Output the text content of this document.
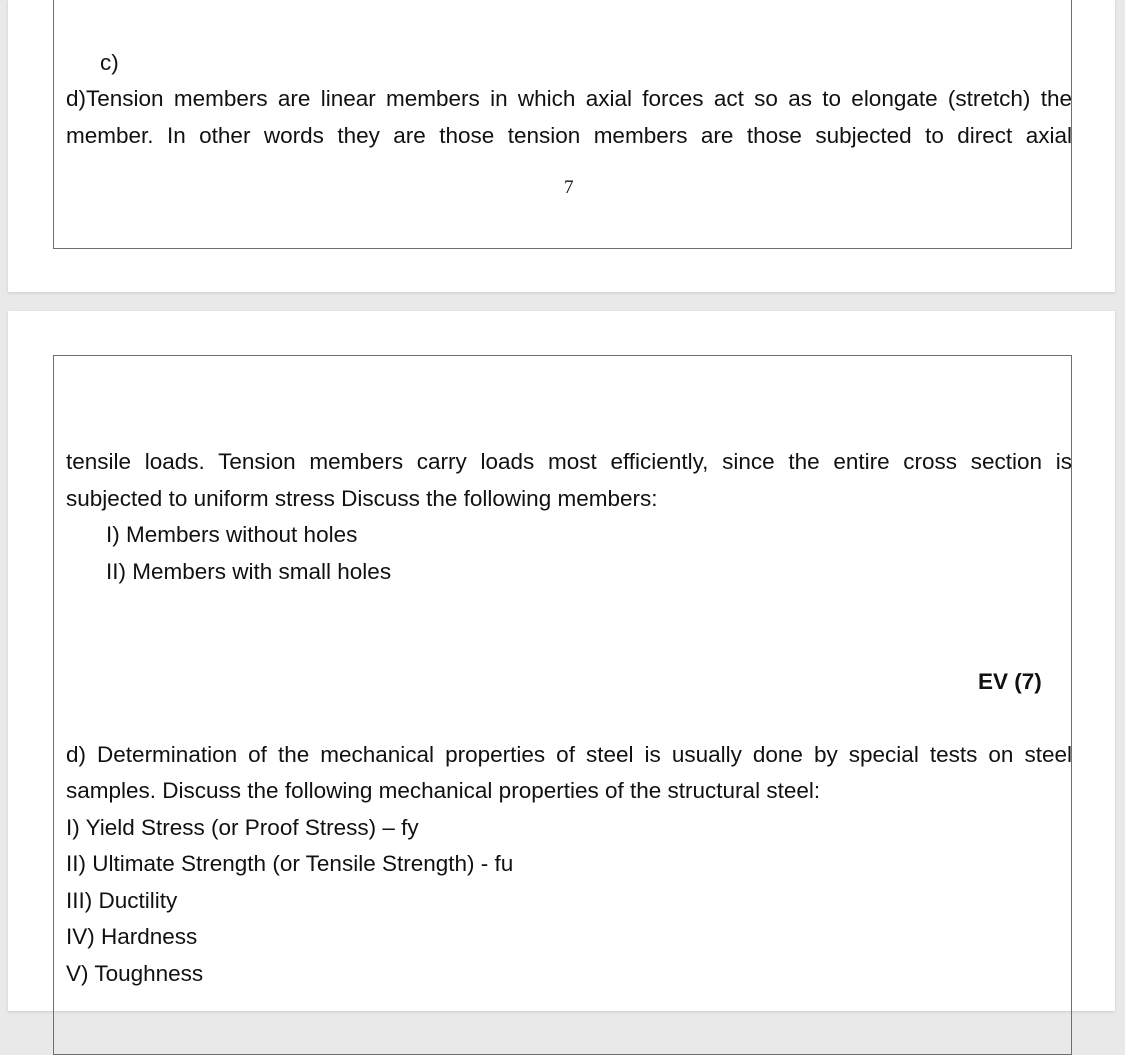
c)
d)Tension members are linear members in which axial forces act so as to elongate (stretch) the
member. In other words they are those tension members are those subjected to direct axial
7
tensile loads. Tension members carry loads most efficiently, since the entire cross section is
subjected to uniform stress Discuss the following members:
I) Members without holes
II) Members with small holes
EV (7)
d) Determination of the mechanical properties of steel is usually done by special tests on steel
samples. Discuss the following mechanical properties of the structural steel:
I) Yield Stress (or Proof Stress) – fy
II) Ultimate Strength (or Tensile Strength) - fu
III) Ductility
IV) Hardness
V) Toughness
